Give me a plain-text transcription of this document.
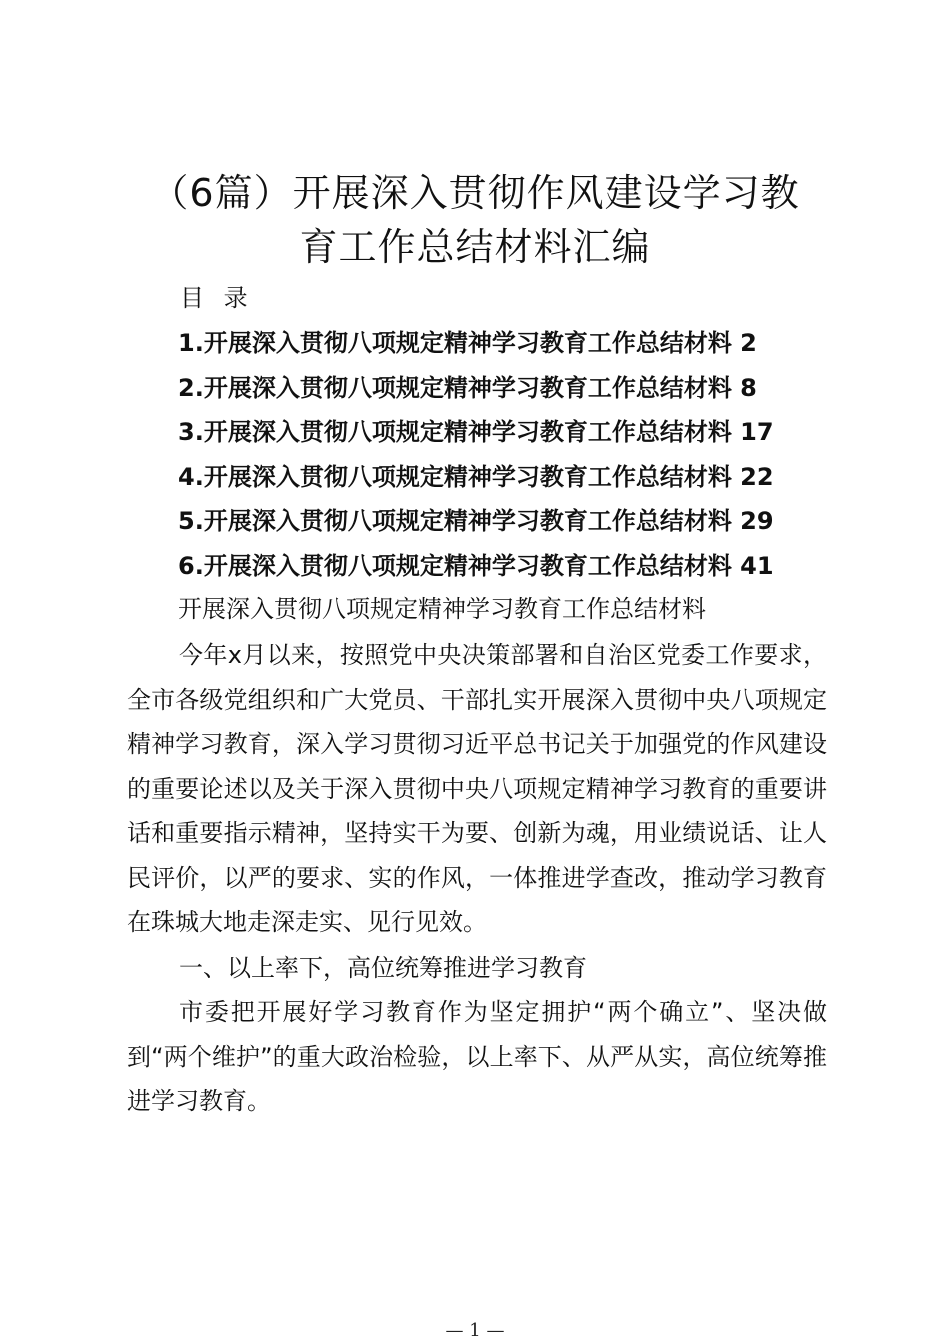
（6篇）开展深入贯彻作风建设学习教
育工作总结材料汇编
目 录
1.开展深入贯彻八项规定精神学习教育工作总结材料 2
2.开展深入贯彻八项规定精神学习教育工作总结材料 8
3.开展深入贯彻八项规定精神学习教育工作总结材料 17
4.开展深入贯彻八项规定精神学习教育工作总结材料 22
5.开展深入贯彻八项规定精神学习教育工作总结材料 29
6.开展深入贯彻八项规定精神学习教育工作总结材料 41
开展深入贯彻八项规定精神学习教育工作总结材料

今年x月以来，按照党中央决策部署和自治区党委工作要求，全市各级党组织和广大党员、干部扎实开展深入贯彻中央八项规定精神学习教育，深入学习贯彻习近平总书记关于加强党的作风建设的重要论述以及关于深入贯彻中央八项规定精神学习教育的重要讲话和重要指示精神，坚持实干为要、创新为魂，用业绩说话、让人民评价，以严的要求、实的作风，一体推进学查改，推动学习教育在珠城大地走深走实、见行见效。

一、以上率下，高位统筹推进学习教育

市委把开展好学习教育作为坚定拥护“两个确立”、坚决做到“两个维护”的重大政治检验，以上率下、从严从实，高位统筹推进学习教育。

— 1 —
